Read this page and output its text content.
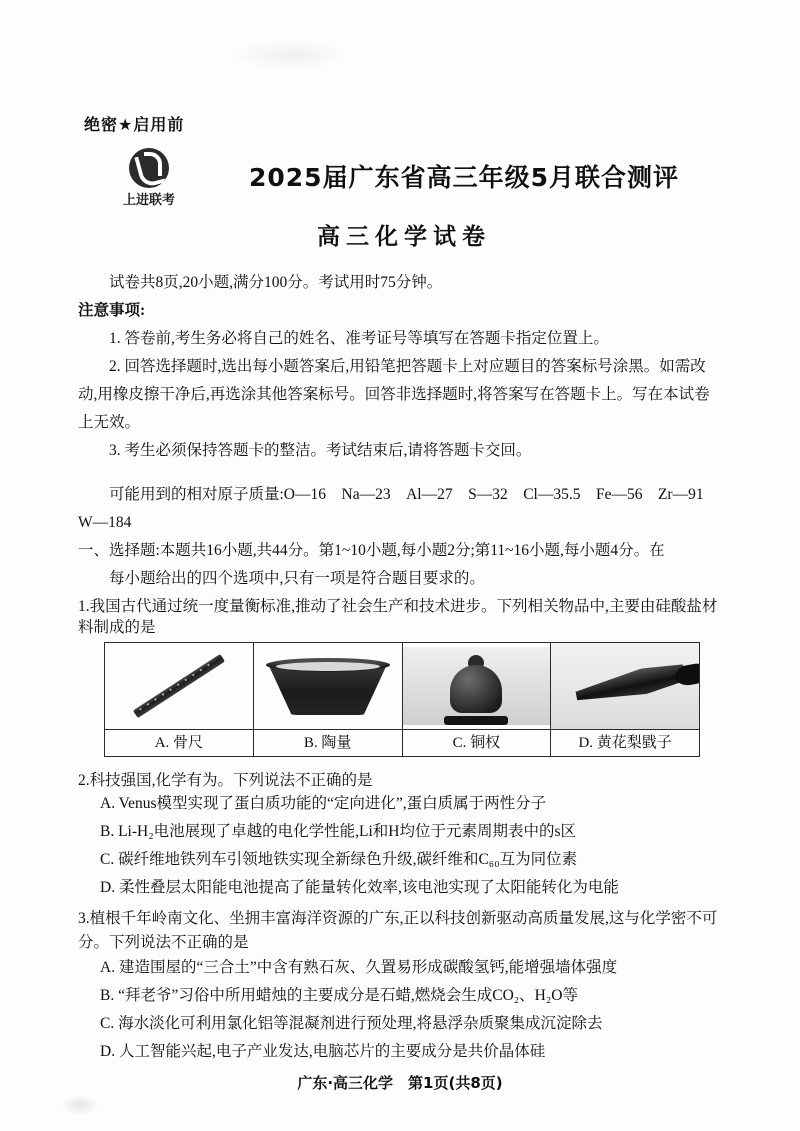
绝密★启用前
上进联考
2025届广东省高三年级5月联合测评
高三化学试卷
试卷共8页,20小题,满分100分。考试用时75分钟。
注意事项:
1. 答卷前,考生务必将自己的姓名、准考证号等填写在答题卡指定位置上。
2. 回答选择题时,选出每小题答案后,用铅笔把答题卡上对应题目的答案标号涂黑。如需改
动,用橡皮擦干净后,再选涂其他答案标号。回答非选择题时,将答案写在答题卡上。写在本试卷
上无效。
3. 考生必须保持答题卡的整洁。考试结束后,请将答题卡交回。
可能用到的相对原子质量:O—16　Na—23　Al—27　S—32　Cl—35.5　Fe—56　Zr—91
W—184
一、选择题:本题共16小题,共44分。第1~10小题,每小题2分;第11~16小题,每小题4分。在
每小题给出的四个选项中,只有一项是符合题目要求的。
1.我国古代通过统一度量衡标准,推动了社会生产和技术进步。下列相关物品中,主要由硅酸盐材
料制成的是

A. 骨尺	B. 陶量	C. 铜权	D. 黄花梨戥子
2.科技强国,化学有为。下列说法不正确的是
A. Venus模型实现了蛋白质功能的“定向进化”,蛋白质属于两性分子
B. Li-H₂电池展现了卓越的电化学性能,Li和H均位于元素周期表中的s区
C. 碳纤维地铁列车引领地铁实现全新绿色升级,碳纤维和C₆₀互为同位素
D. 柔性叠层太阳能电池提高了能量转化效率,该电池实现了太阳能转化为电能
3.植根千年岭南文化、坐拥丰富海洋资源的广东,正以科技创新驱动高质量发展,这与化学密不可
分。下列说法不正确的是
A. 建造围屋的“三合土”中含有熟石灰、久置易形成碳酸氢钙,能增强墙体强度
B. “拜老爷”习俗中所用蜡烛的主要成分是石蜡,燃烧会生成CO₂、H₂O等
C. 海水淡化可利用氯化铝等混凝剂进行预处理,将悬浮杂质聚集成沉淀除去
D. 人工智能兴起,电子产业发达,电脑芯片的主要成分是共价晶体硅
广东·高三化学　第1页(共8页)
